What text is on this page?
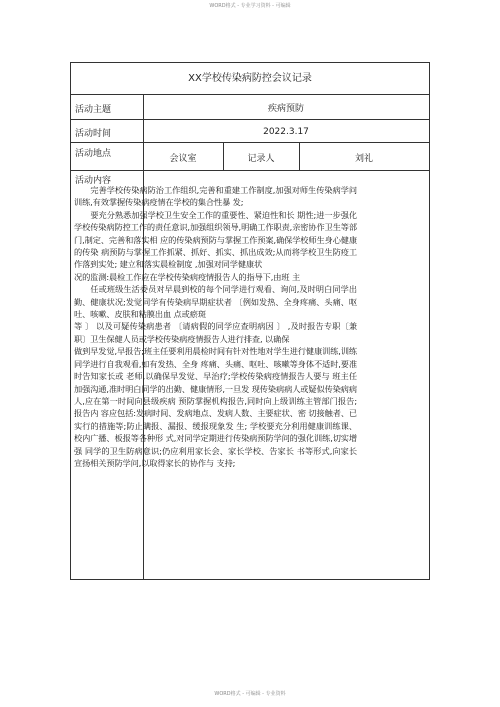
WORD格式 - 专业学习资料 - 可编辑
XX学校传染病防控会议记录
活动主题	疾病预防
活动时间	2022.3.17
活动地点	会议室	记录人	刘礼
活动内容

完善学校传染病防治工作组织,完善和重建工作制度,加强对师生传染病学问训练,有效掌握传染病疫情在学校的集合性暴 发;

要充分熟悉加强学校卫生安全工作的重要性、紧迫性和长 期性;进一步强化学校传染病防控工作的责任意识,加强组织领导,明确工作职责,亲密协作卫生等部门,制定、完善和落实相 应的传染病预防与掌握工作预案,确保学校师生身心健康的传染 病预防与掌握工作抓紧、抓好、抓实、抓出成效;从而将学校卫生防疫工作落到实处; 建立和落实晨检制度 ,加强对同学健康状

况的监测:晨检工作应在学校传染病疫情报告人的指导下,由班 主

任或班级生活委员对早晨到校的每个同学进行观看、询问,及时明白同学出勤、健康状况;发觉同学有传染病早期症状者 〔例如发热、全身疼痛、头痛、呕吐、咳嗽、皮肤和粘膜出血 点或瘀斑

等 〕 以及可疑传染病患者 〔请病假的同学应查明病因 〕 ,及时报告专职〔兼职〕卫生保健人员或学校传染病疫情报告人进行排查, 以确保

做到早发觉,早报告;班主任要利用晨检时间有针对性地对学生进行健康训练,训练同学进行自我观看,如有发热、全身 疼痛、头痛、呕吐、咳嗽等身体不适时,要准时告知家长或 老师,以确保早发觉、早治疗;学校传染病疫情报告人要与 班主任加强沟通,准时明白同学的出勤、健康情形,一旦发 现传染病病人或疑似传染病病人,应在第一时间向县级疾病 预防掌握机构报告,同时向上级训练主管部门报告;报告内 容应包括:发病时间、发病地点、发病人数、主要症状、密 切接触者、已实行的措施等;防止瞒报、漏报、缓报现象发 生; 学校要充分利用健康训练课、校内广播、板报等各种形 式,对同学定期进行传染病预防学问的强化训练,切实增强 同学的卫生防病意识;仍应利用家长会、家长学校、告家长 书等形式,向家长宣扬相关预防学问,以取得家长的协作与 支持;

WORD格式 - 可编辑 - 专业资料
